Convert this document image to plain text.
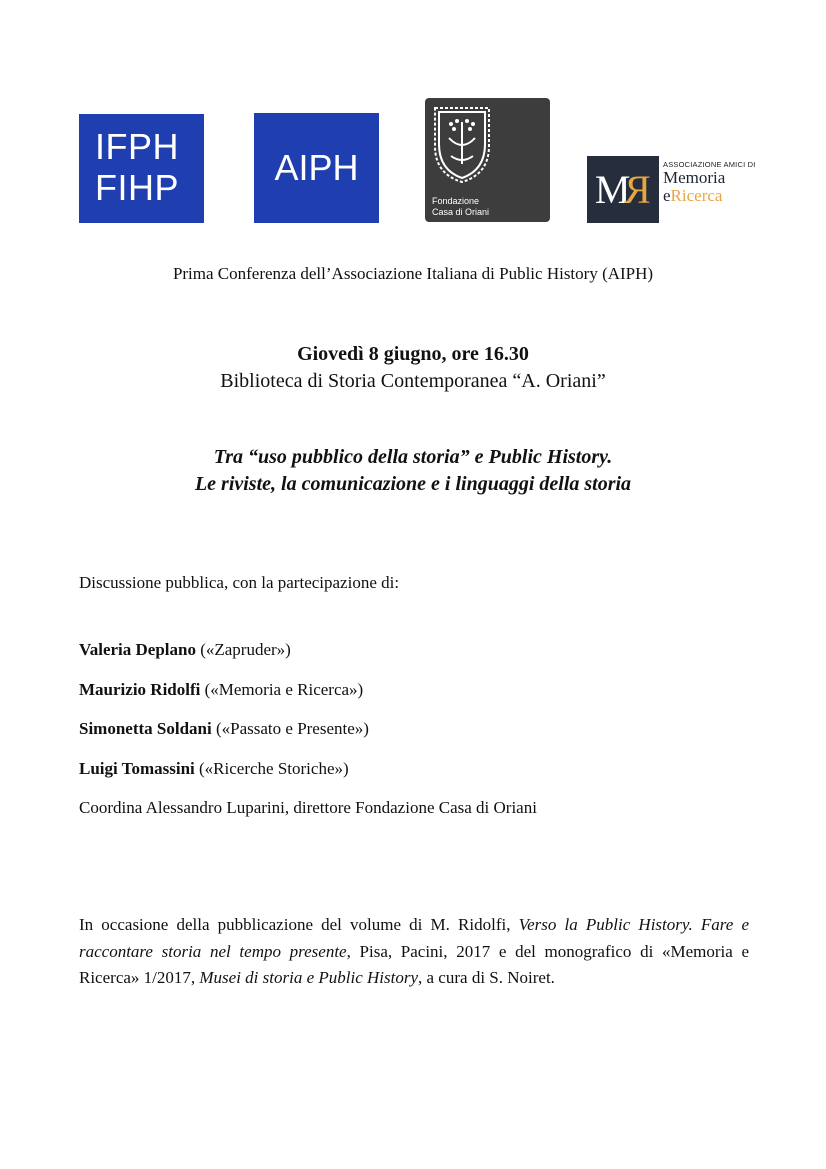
IFPH
FIHP	AIPH
Fondazione
Casa di Oriani	MR
ASSOCIAZIONE AMICI DI
Memoria
eRicerca
Prima Conferenza dell’Associazione Italiana di Public History (AIPH)
Giovedì 8 giugno, ore 16.30
Biblioteca di Storia Contemporanea “A. Oriani”
Tra “uso pubblico della storia” e Public History.
Le riviste, la comunicazione e i linguaggi della storia
Discussione pubblica, con la partecipazione di:
Valeria Deplano («Zapruder»)
Maurizio Ridolfi («Memoria e Ricerca»)
Simonetta Soldani («Passato e Presente»)
Luigi Tomassini («Ricerche Storiche»)
Coordina Alessandro Luparini, direttore Fondazione Casa di Oriani
In occasione della pubblicazione del volume di M. Ridolfi, Verso la Public History. Fare e raccontare storia nel tempo presente, Pisa, Pacini, 2017 e del monografico di «Memoria e Ricerca» 1/2017, Musei di storia e Public History, a cura di S. Noiret.
